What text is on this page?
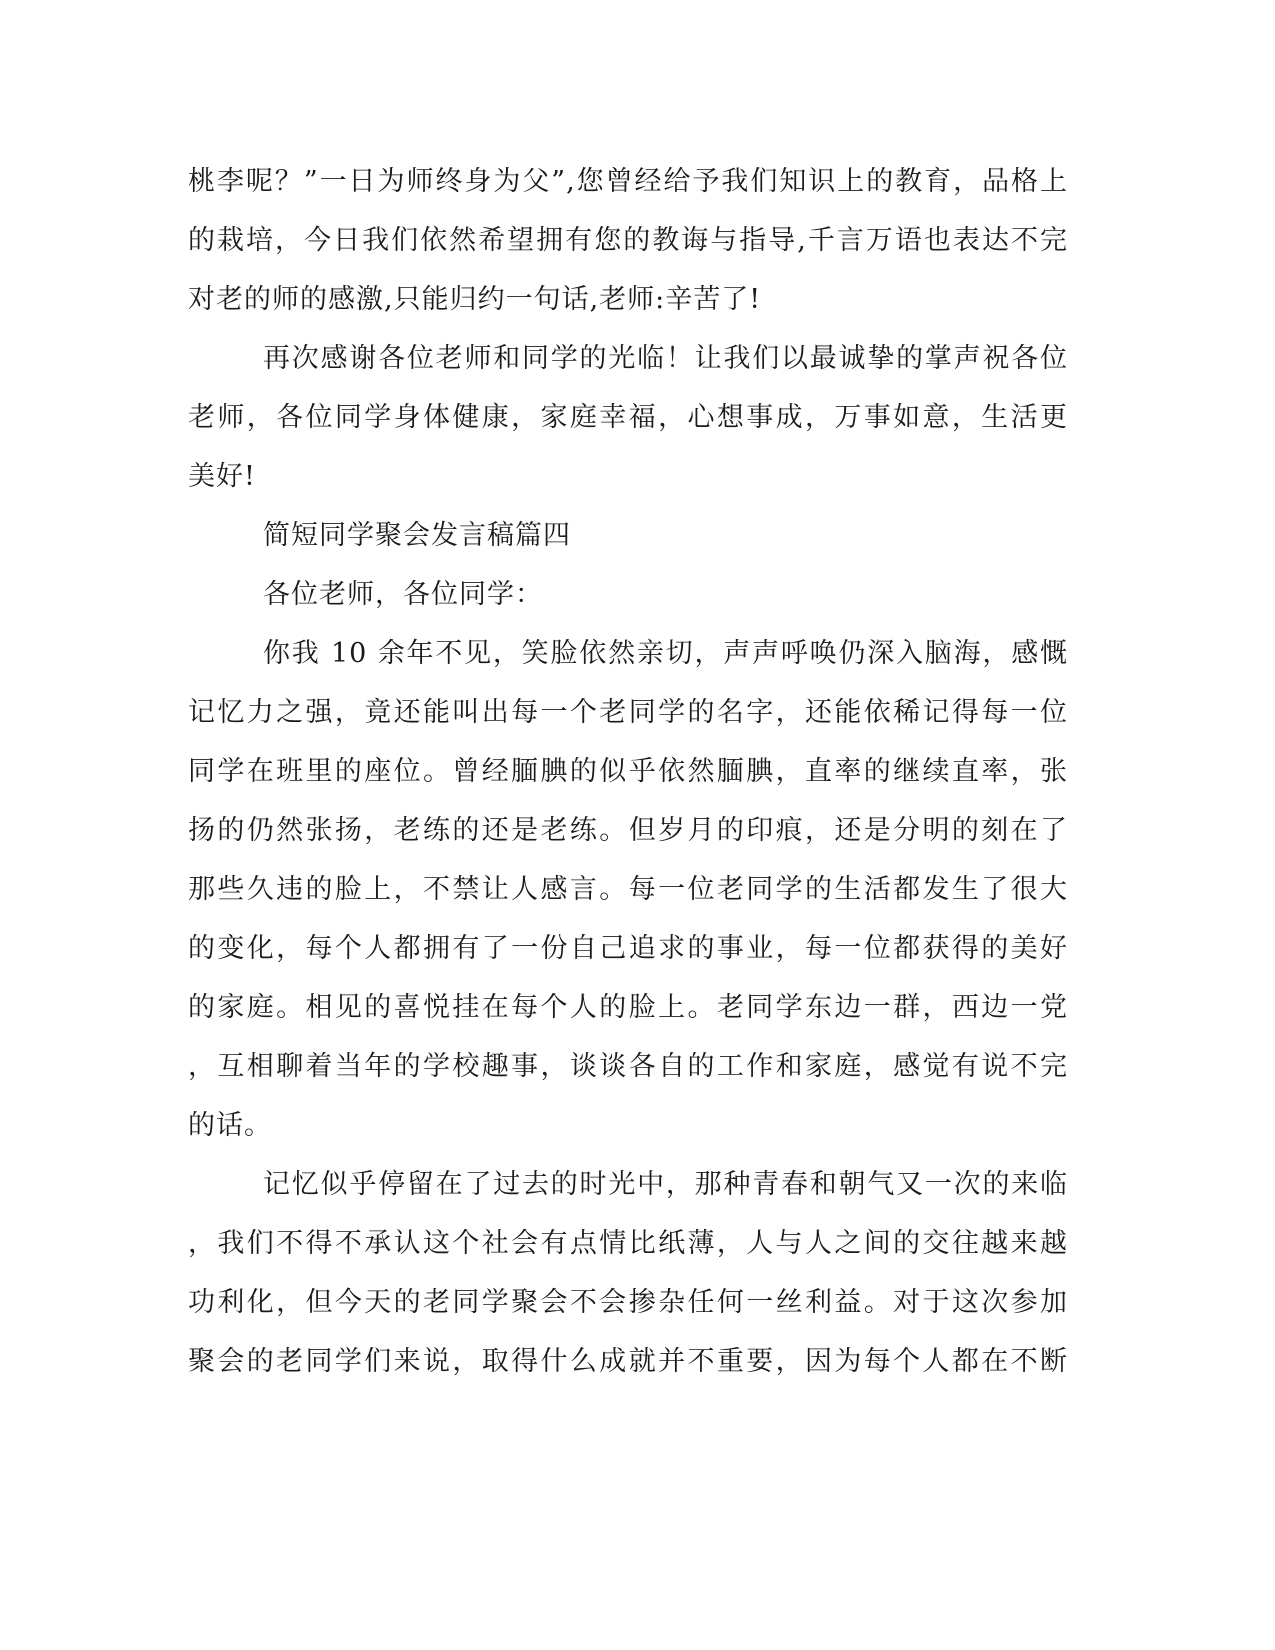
桃李呢？”一日为师终身为父”,您曾经给予我们知识上的教育，品格上
的栽培，今日我们依然希望拥有您的教诲与指导,千言万语也表达不完
对老的师的感激,只能归约一句话,老师:辛苦了!
再次感谢各位老师和同学的光临！让我们以最诚挚的掌声祝各位
老师，各位同学身体健康，家庭幸福，心想事成，万事如意，生活更
美好!
简短同学聚会发言稿篇四
各位老师，各位同学：
你我 10 余年不见，笑脸依然亲切，声声呼唤仍深入脑海，感慨
记忆力之强，竟还能叫出每一个老同学的名字，还能依稀记得每一位
同学在班里的座位。曾经腼腆的似乎依然腼腆，直率的继续直率，张
扬的仍然张扬，老练的还是老练。但岁月的印痕，还是分明的刻在了
那些久违的脸上，不禁让人感言。每一位老同学的生活都发生了很大
的变化，每个人都拥有了一份自己追求的事业，每一位都获得的美好
的家庭。相见的喜悦挂在每个人的脸上。老同学东边一群，西边一党
，互相聊着当年的学校趣事，谈谈各自的工作和家庭，感觉有说不完
的话。
记忆似乎停留在了过去的时光中，那种青春和朝气又一次的来临
，我们不得不承认这个社会有点情比纸薄，人与人之间的交往越来越
功利化，但今天的老同学聚会不会掺杂任何一丝利益。对于这次参加
聚会的老同学们来说，取得什么成就并不重要，因为每个人都在不断
